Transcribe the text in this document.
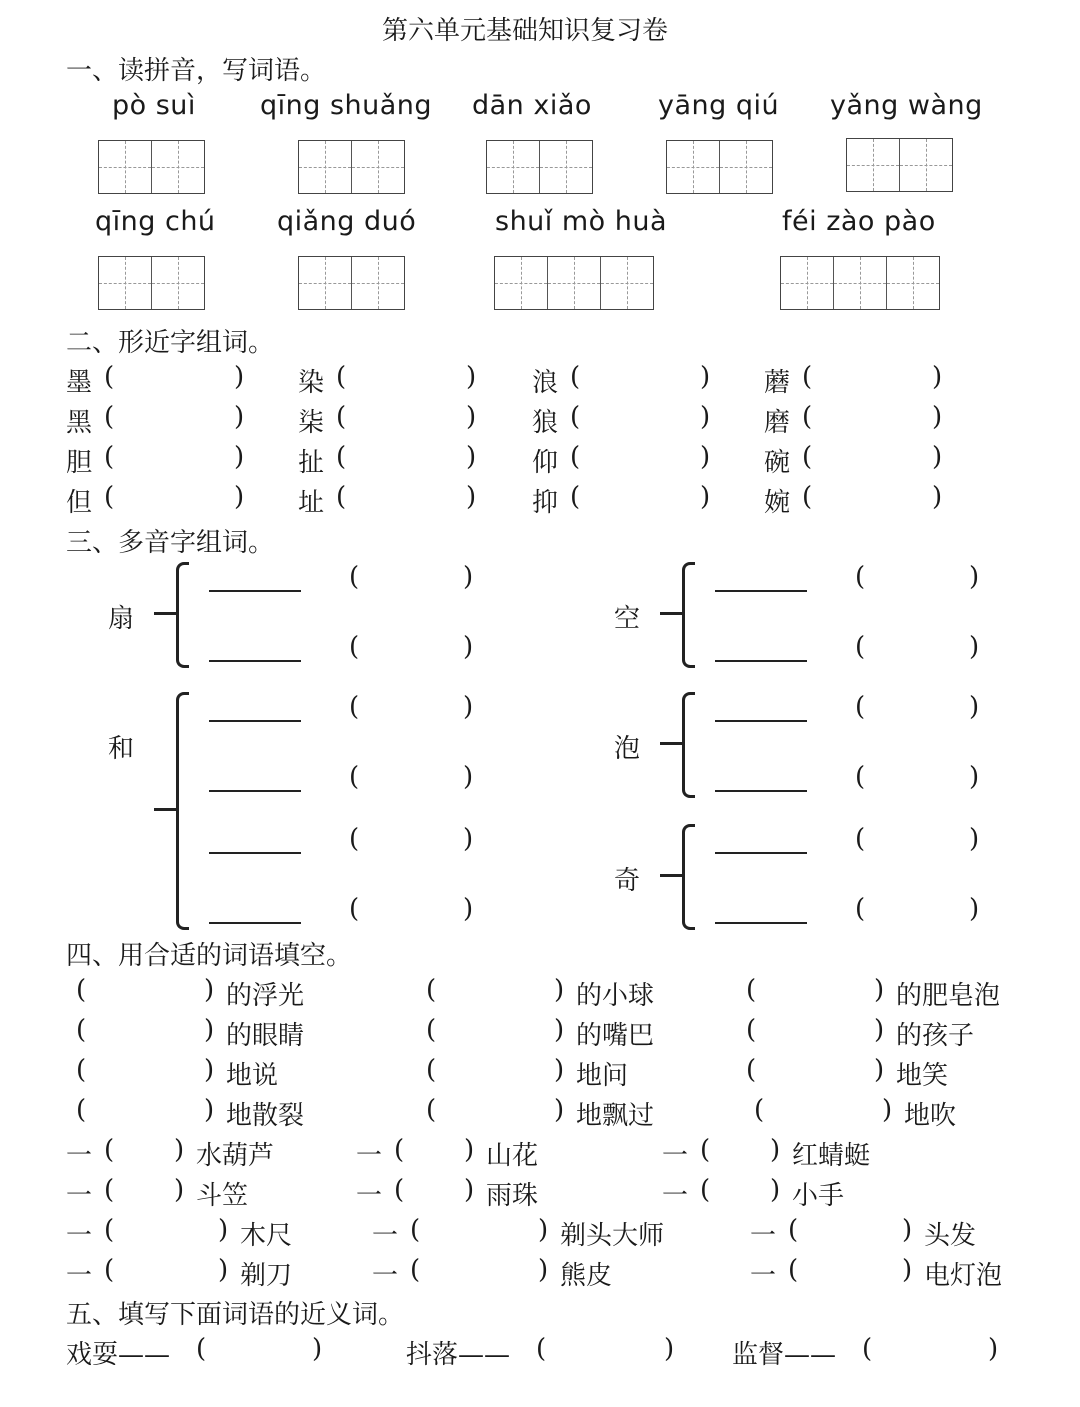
第六单元基础知识复习卷
一、读拼音，写词语。
二、形近字组词。
三、多音字组词。
四、用合适的词语填空。
五、填写下面词语的近义词。
pò suì qīng shuǎng dān xiǎo yāng qiú yǎng wàng
qīng chú qiǎng duó	shuǐ mò huà	féi zào pào
墨 (	) 染 (	) 浪 (	) 蘑 (	)
黑 (	) 柒 (	) 狼 (	) 磨 (	)
胆 (	) 扯 (	) 仰 (	) 碗 (	)
但 (	) 址 (	) 抑 (	) 婉 (	)
扇
(	)
(	)
空
(	)
(	)
和
(	)
(	)
(	)
(	)
泡
(	)
(	)
奇
(	)
(	)
(	) 的浮光	(	) 的小球	(	) 的肥皂泡
(	) 的眼睛	(	) 的嘴巴	(	) 的孩子
(	) 地说	(	) 地问	(	) 地笑
(	) 地散裂	(	) 地飘过	(	) 地吹
一 ( ) 水葫芦	一 ( ) 山花	一 ( ) 红蜻蜓
一 ( ) 斗笠	一 ( ) 雨珠	一 ( ) 小手
一 (	) 木尺	一 (	) 剃头大师	一 (	) 头发
一 (	) 剃刀	一 (	) 熊皮	一 (	) 电灯泡
戏耍—— (	)	抖落—— (	) 监督—— (	)
